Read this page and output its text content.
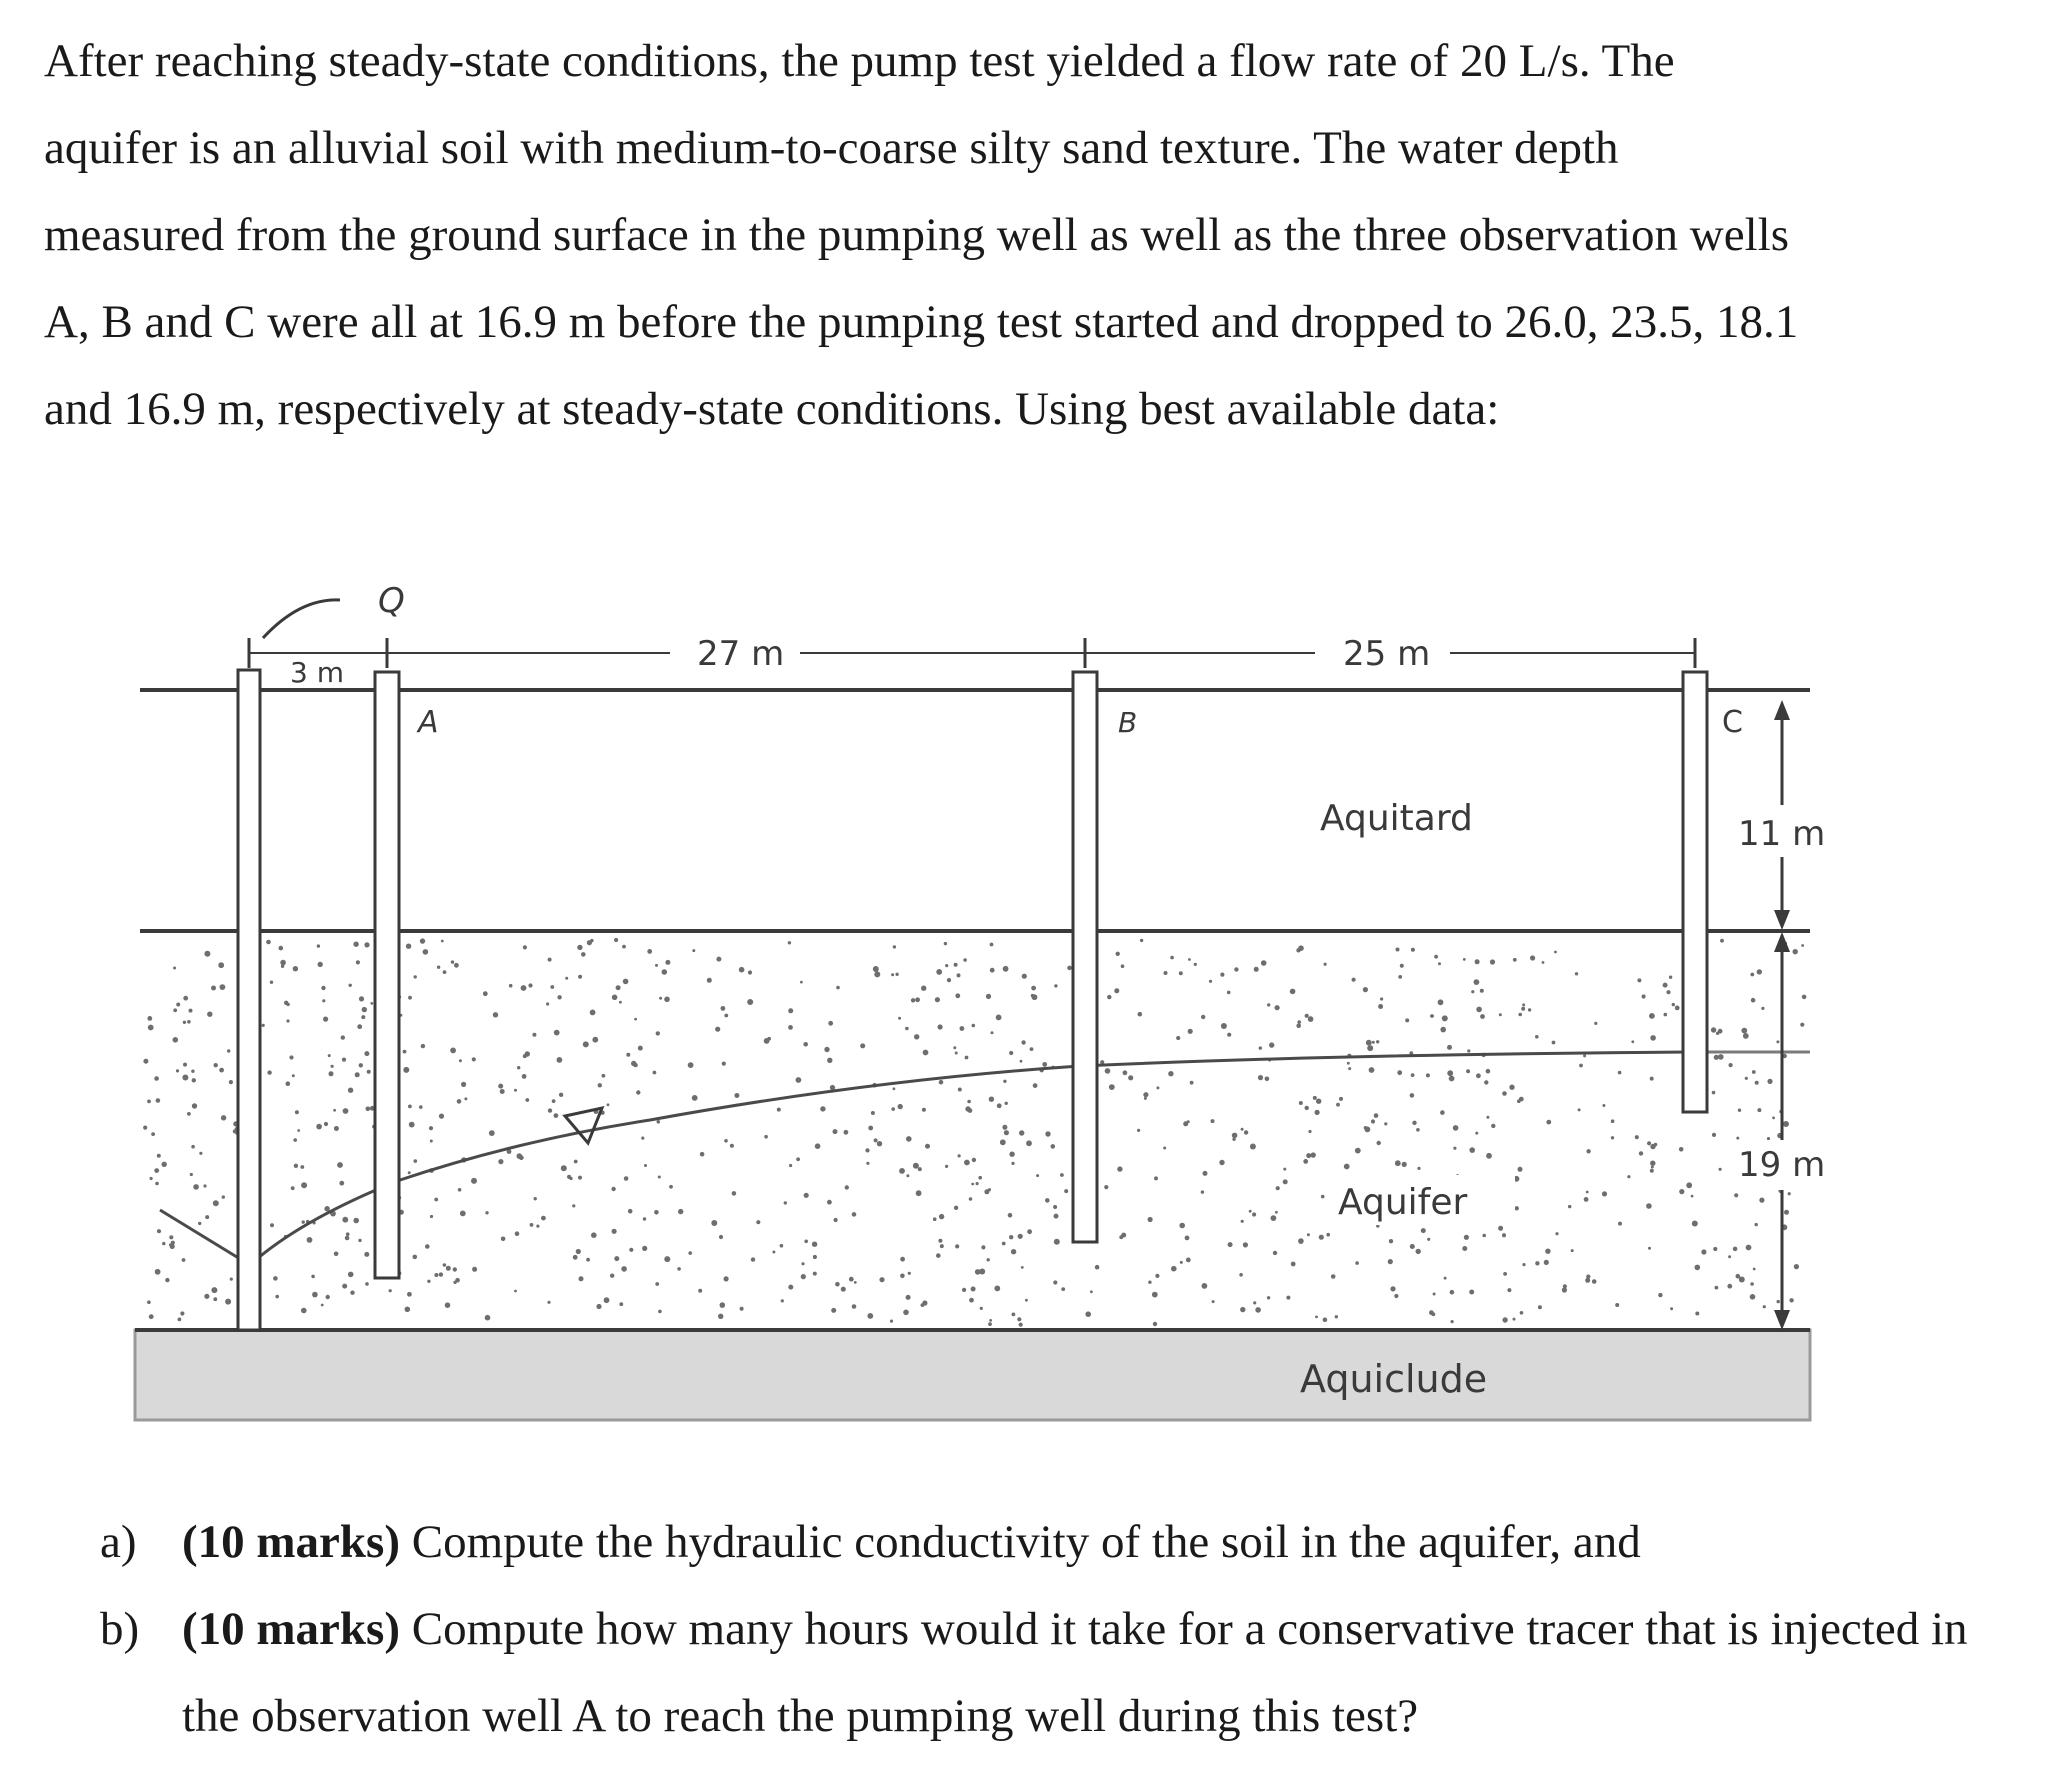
After reaching steady-state conditions, the pump test yielded a flow rate of 20 L/s. The
aquifer is an alluvial soil with medium-to-coarse silty sand texture. The water depth
measured from the ground surface in the pumping well as well as the three observation wells
A, B and C were all at 16.9 m before the pumping test started and dropped to 26.0, 23.5, 18.1
and 16.9 m, respectively at steady-state conditions. Using best available data:
Q
3 m	27 m	25 m
A	B	C
11 m
19 m
Aquitard
Aquifer
Aquiclude
a) (10 marks) Compute the hydraulic conductivity of the soil in the aquifer, and
b) (10 marks) Compute how many hours would it take for a conservative tracer that is injected in the observation well A to reach the pumping well during this test?
